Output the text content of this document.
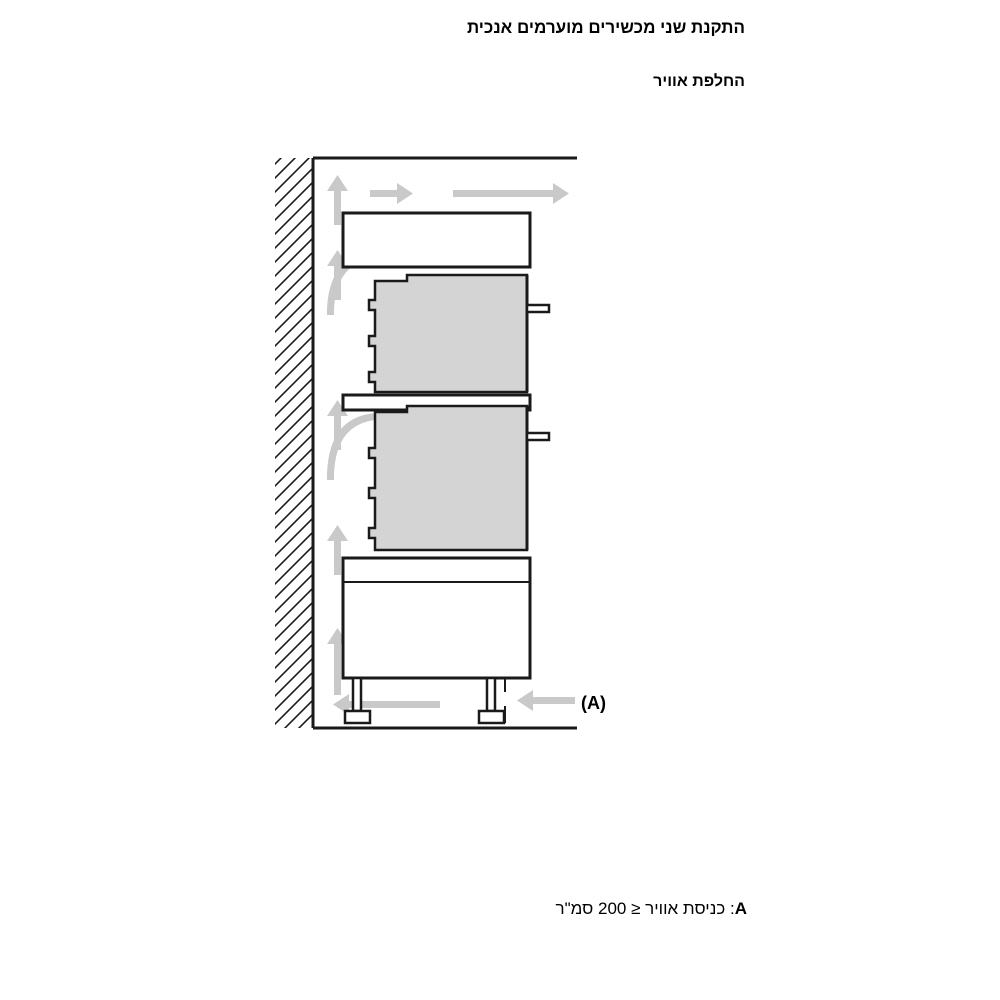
התקנת שני מכשירים מוערמים אנכית
החלפת אוויר
(A)
A: כניסת אוויר ≤ 200 סמ"ר
